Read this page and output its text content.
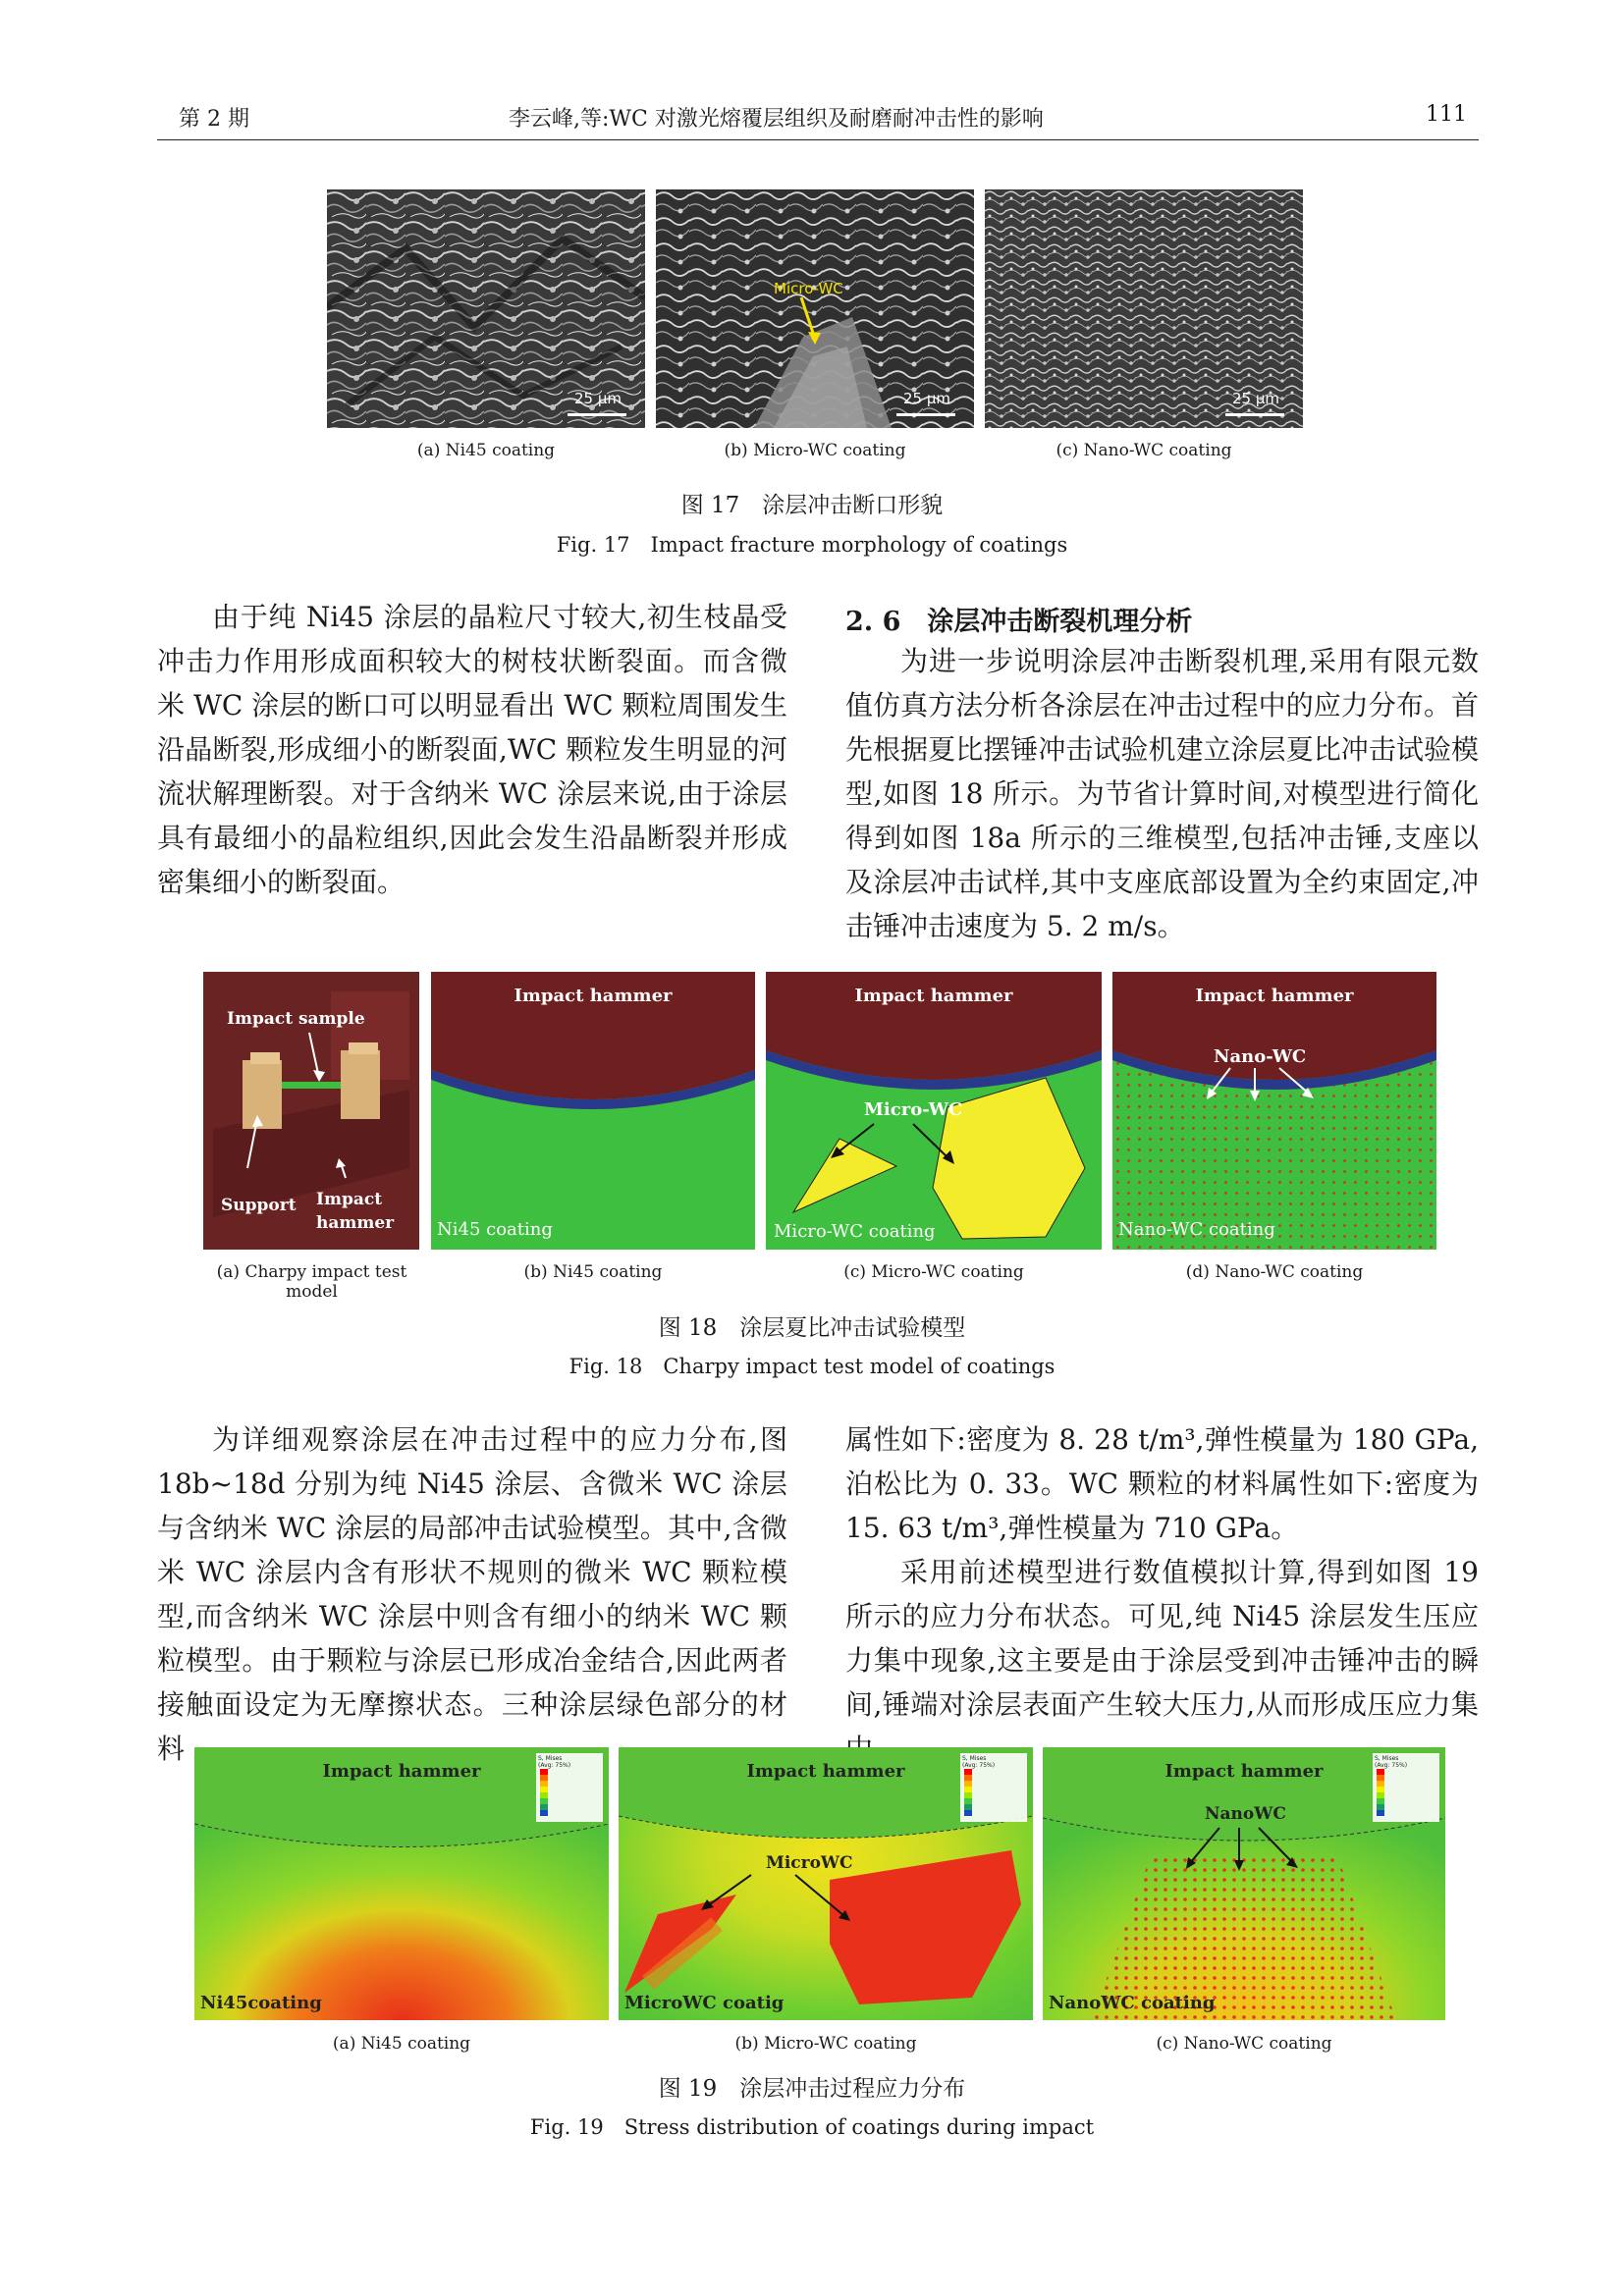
第 2 期	李云峰,等:WC 对激光熔覆层组织及耐磨耐冲击性的影响	111
25 μm
Micro-WC
25 μm	25 μm
(a) Ni45 coating	(b) Micro-WC coating	(c) Nano-WC coating
图 17　涂层冲击断口形貌
Fig. 17　Impact fracture morphology of coatings

由于纯 Ni45 涂层的晶粒尺寸较大,初生枝晶受冲击力作用形成面积较大的树枝状断裂面。而含微米 WC 涂层的断口可以明显看出 WC 颗粒周围发生沿晶断裂,形成细小的断裂面,WC 颗粒发生明显的河流状解理断裂。对于含纳米 WC 涂层来说,由于涂层具有最细小的晶粒组织,因此会发生沿晶断裂并形成密集细小的断裂面。

2. 6　涂层冲击断裂机理分析

为进一步说明涂层冲击断裂机理,采用有限元数值仿真方法分析各涂层在冲击过程中的应力分布。首先根据夏比摆锤冲击试验机建立涂层夏比冲击试验模型,如图 18 所示。为节省计算时间,对模型进行简化得到如图 18a 所示的三维模型,包括冲击锤,支座以及涂层冲击试样,其中支座底部设置为全约束固定,冲击锤冲击速度为 5. 2 m/s。

Impact sample
Support Impact
hammer
Impact hammer
Ni45 coating
Impact hammer
Micro-WC
Micro-WC coating
Impact hammer
Nano-WC
Nano-WC coating
(a) Charpy impact test model
(b) Ni45 coating	(c) Micro-WC coating	(d) Nano-WC coating
图 18　涂层夏比冲击试验模型
Fig. 18　Charpy impact test model of coatings

为详细观察涂层在冲击过程中的应力分布,图 18b~18d 分别为纯 Ni45 涂层、含微米 WC 涂层与含纳米 WC 涂层的局部冲击试验模型。其中,含微米 WC 涂层内含有形状不规则的微米 WC 颗粒模型,而含纳米 WC 涂层中则含有细小的纳米 WC 颗粒模型。由于颗粒与涂层已形成冶金结合,因此两者接触面设定为无摩擦状态。三种涂层绿色部分的材料

属性如下:密度为 8. 28 t/m³,弹性模量为 180 GPa,泊松比为 0. 33。WC 颗粒的材料属性如下:密度为 15. 63 t/m³,弹性模量为 710 GPa。

采用前述模型进行数值模拟计算,得到如图 19 所示的应力分布状态。可见,纯 Ni45 涂层发生压应力集中现象,这主要是由于涂层受到冲击锤冲击的瞬间,锤端对涂层表面产生较大压力,从而形成压应力集

S, Mises
(Avg: 75%)
Impact hammer
Ni45coating
S, Mises
(Avg: 75%)
Impact hammer
MicroWC
MicroWC coatig
S, Mises
(Avg: 75%)
Impact hammer
NanoWC
NanoWC coating
(a) Ni45 coating	(b) Micro-WC coating	(c) Nano-WC coating
图 19　涂层冲击过程应力分布
Fig. 19　Stress distribution of coatings during impact
